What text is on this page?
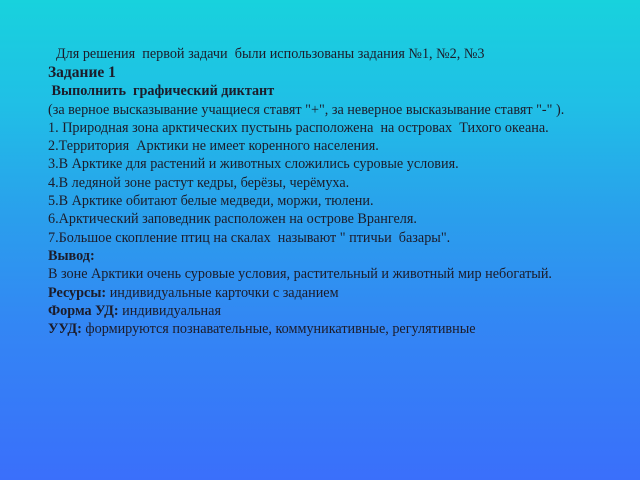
Для решения  первой задачи  были использованы задания №1, №2, №3
Задание 1
Выполнить  графический диктант
(за верное высказывание учащиеся ставят "+", за неверное высказывание ставят "-" ).
1. Природная зона арктических пустынь расположена  на островах  Тихого океана.
2.Территория  Арктики не имеет коренного населения.
3.В Арктике для растений и животных сложились суровые условия.
4.В ледяной зоне растут кедры, берёзы, черёмуха.
5.В Арктике обитают белые медведи, моржи, тюлени.
6.Арктический заповедник расположен на острове Врангеля.
7.Большое скопление птиц на скалах  называют " птичьи  базары".
Вывод:
В зоне Арктики очень суровые условия, растительный и животный мир небогатый.
Ресурсы: индивидуальные карточки с заданием
Форма УД: индивидуальная
УУД: формируются познавательные, коммуникативные, регулятивные
